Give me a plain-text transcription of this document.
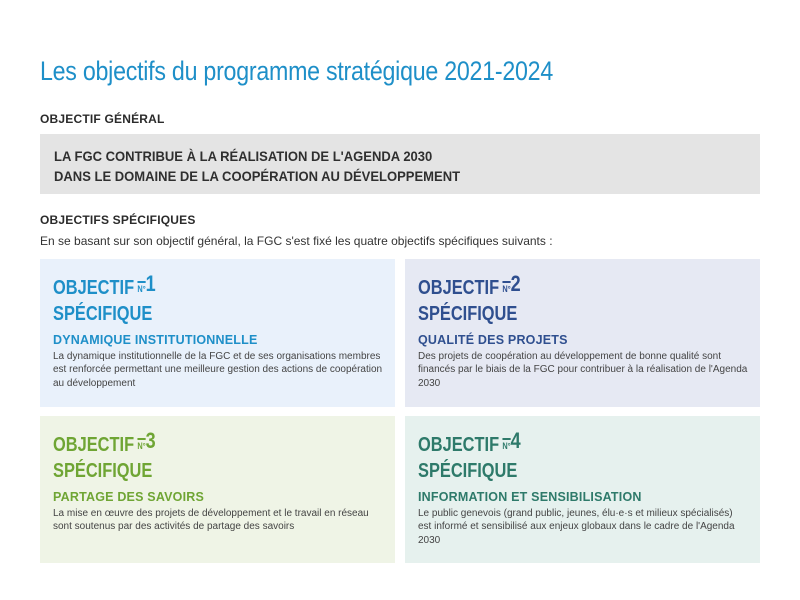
Les objectifs du programme stratégique 2021-2024
OBJECTIF GÉNÉRAL
LA FGC CONTRIBUE À LA RÉALISATION DE L'AGENDA 2030
DANS LE DOMAINE DE LA COOPÉRATION AU DÉVELOPPEMENT
OBJECTIFS SPÉCIFIQUES
En se basant sur son objectif général, la FGC s'est fixé les quatre objectifs spécifiques suivants :
OBJECTIF N°1
SPÉCIFIQUE
DYNAMIQUE INSTITUTIONNELLE
La dynamique institutionnelle de la FGC et de ses organisations membres est renforcée permettant une meilleure gestion des actions de coopération au développement
OBJECTIF N°2
SPÉCIFIQUE
QUALITÉ DES PROJETS
Des projets de coopération au développement de bonne qualité sont financés par le biais de la FGC pour contribuer à la réalisation de l'Agenda 2030
OBJECTIF N°3
SPÉCIFIQUE
PARTAGE DES SAVOIRS
La mise en œuvre des projets de développement et le travail en réseau sont soutenus par des activités de partage des savoirs
OBJECTIF N°4
SPÉCIFIQUE
INFORMATION ET SENSIBILISATION
Le public genevois (grand public, jeunes, élu·e·s et milieux spécialisés) est informé et sensibilisé aux enjeux globaux dans le cadre de l'Agenda 2030
